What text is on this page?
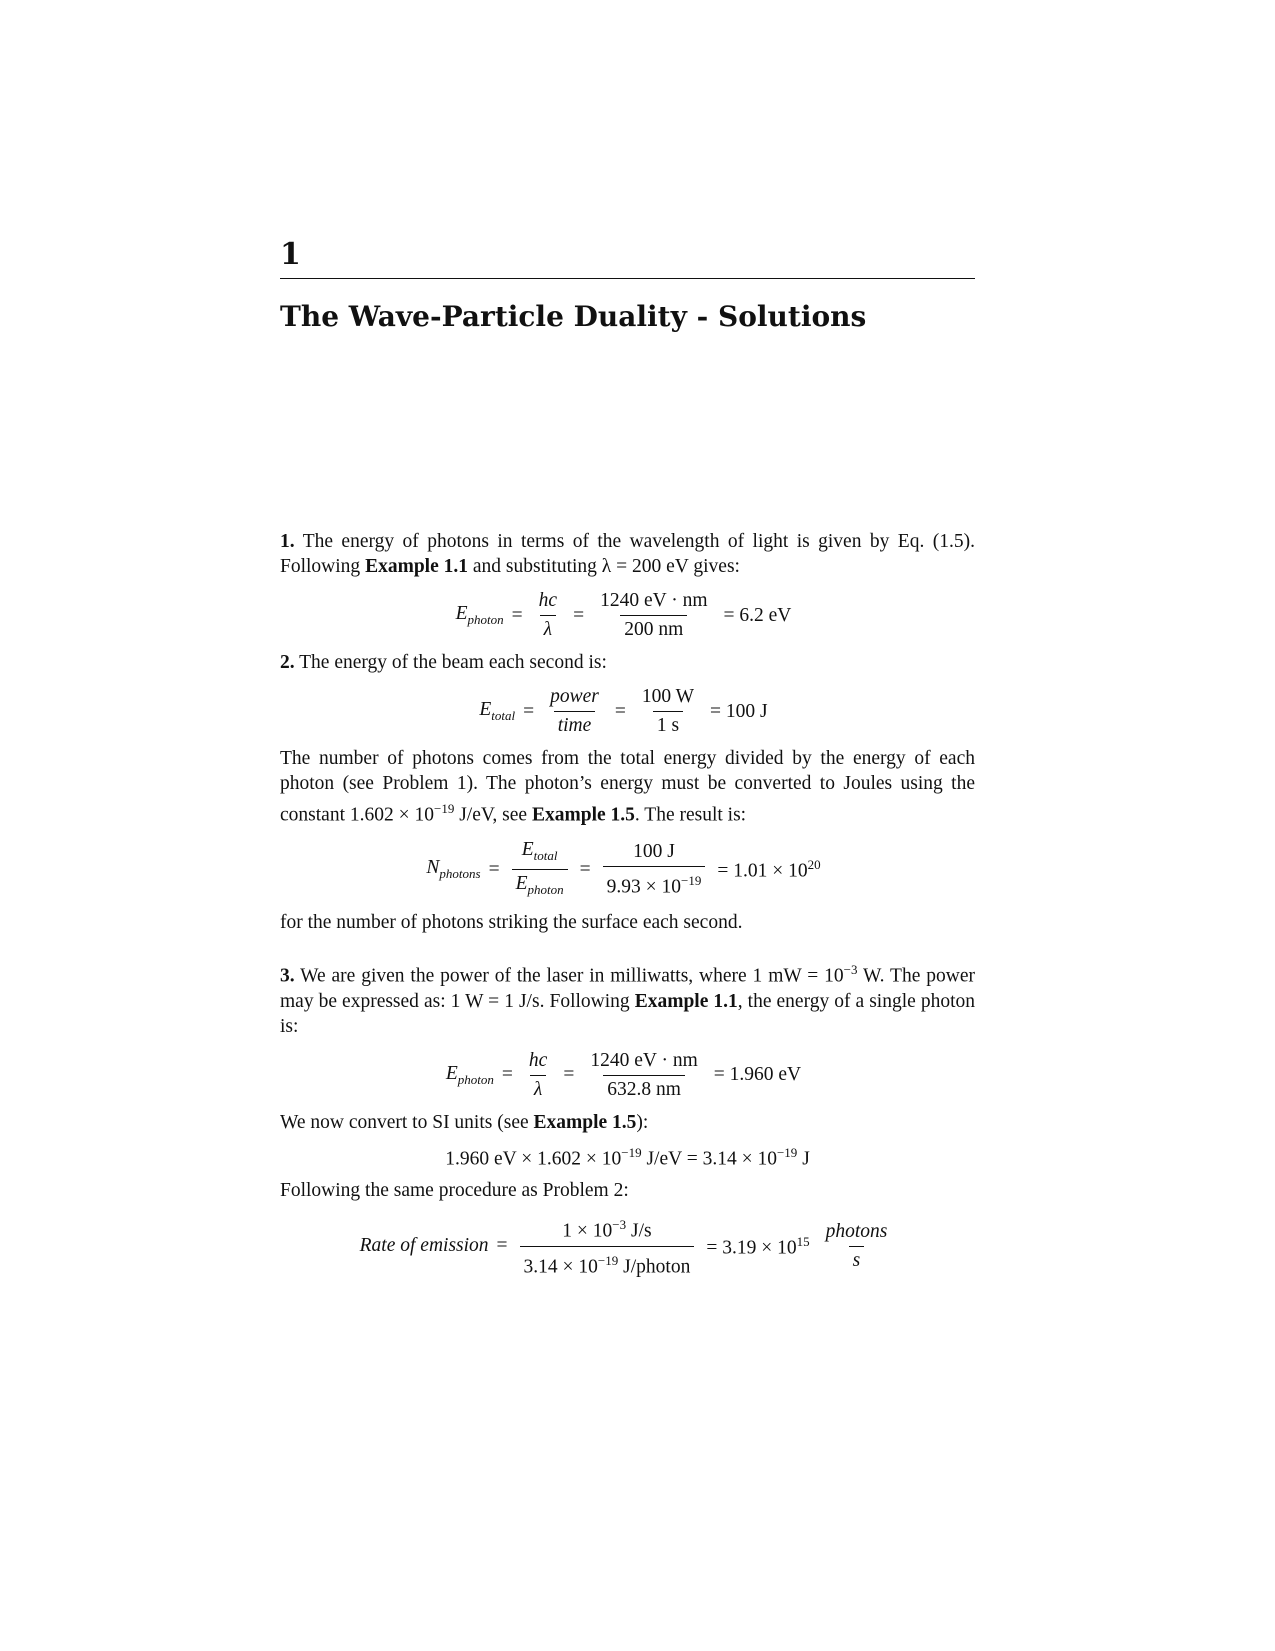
1
The Wave-Particle Duality - Solutions

1. The energy of photons in terms of the wavelength of light is given by Eq. (1.5). Following Example 1.1 and substituting λ = 200 eV gives:

$E_{photon} = \frac{hc}{\lambda} = \frac{1240 eV \cdot nm}{200 nm} = 6.2$ eV

2. The energy of the beam each second is:

$E_{total} = \frac{\text{power}}{\text{time}} = \frac{100 W}{1 s} = 100$ J

The number of photons comes from the total energy divided by the energy of each photon (see Problem 1). The photon’s energy must be converted to Joules using the constant $1.602 \times 10^{-19}$ J/eV, see Example 1.5. The result is:

$N_{photons} = \frac{E_{total}}{E_{photon}} = \frac{100 J}{9.93 \times 10^{-19}} = 1.01 \times 10^{20}$

for the number of photons striking the surface each second.

3. We are given the power of the laser in milliwatts, where 1 mW = $10^{-3}$ W. The power may be expressed as: 1 W = 1 J/s. Following Example 1.1, the energy of a single photon is:

$E_{photon} = \frac{hc}{\lambda} = \frac{1240 eV \cdot nm}{632.8 nm} = 1.960$ eV

We now convert to SI units (see Example 1.5):

1.960 eV × $1.602 \times 10^{-19}$ $J/eV = 3.14 \times 10^{-19}$ J

Following the same procedure as Problem 2:

Rate of emission = $\frac{1 \times 10^{-3} J/s}{3.14 \times 10^{-19} J/photon} = 3.19 \times 10^{15} \frac{\text{photons}}{s}$
